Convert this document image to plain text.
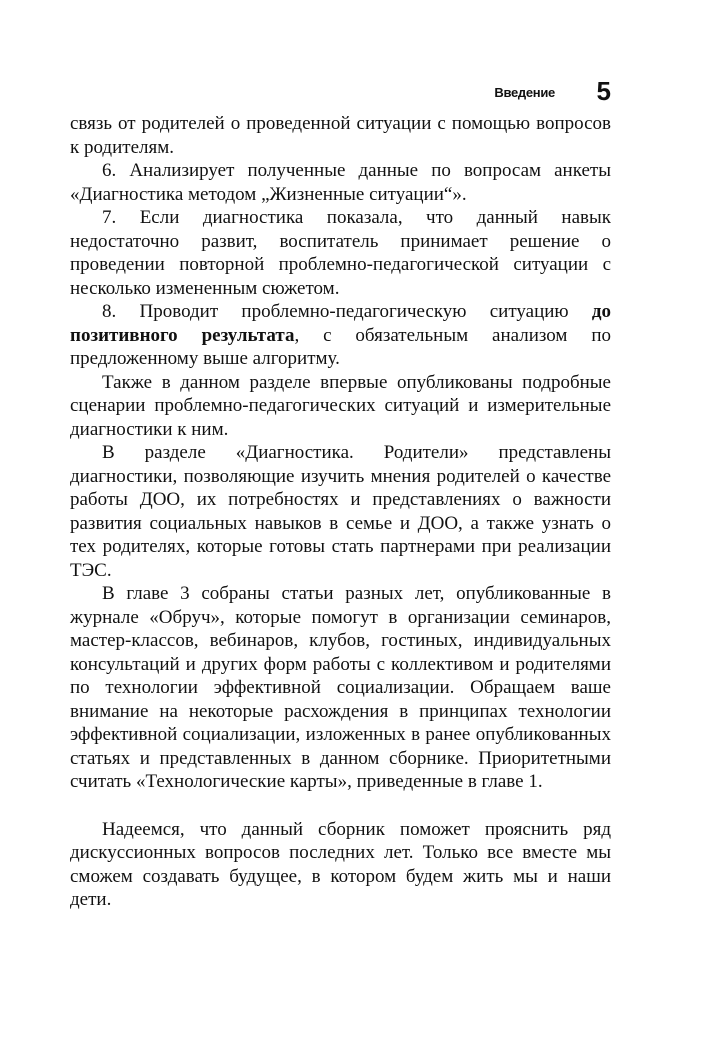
Введение 5

связь от родителей о проведенной ситуации с помощью вопросов к родителям.

6. Анализирует полученные данные по вопросам анкеты «Диагностика методом „Жизненные ситуации“».

7. Если диагностика показала, что данный навык недостаточно развит, воспитатель принимает решение о проведении повторной проблемно-педагогической ситуации с несколько измененным сюжетом.

8. Проводит проблемно-педагогическую ситуацию до позитивного результата, с обязательным анализом по предложенному выше алгоритму.

Также в данном разделе впервые опубликованы подробные сценарии проблемно-педагогических ситуаций и измерительные диагностики к ним.

В разделе «Диагностика. Родители» представлены диагностики, позволяющие изучить мнения родителей о качестве работы ДОО, их потребностях и представлениях о важности развития социальных навыков в семье и ДОО, а также узнать о тех родителях, которые готовы стать партнерами при реализации ТЭС.

В главе 3 собраны статьи разных лет, опубликованные в журнале «Обруч», которые помогут в организации семинаров, мастер-классов, вебинаров, клубов, гостиных, индивидуальных консультаций и других форм работы с коллективом и родителями по технологии эффективной социализации. Обращаем ваше внимание на некоторые расхождения в принципах технологии эффективной социализации, изложенных в ранее опубликованных статьях и представленных в данном сборнике. Приоритетными считать «Технологические карты», приведенные в главе 1.

Надеемся, что данный сборник поможет прояснить ряд дискуссионных вопросов последних лет. Только все вместе мы сможем создавать будущее, в котором будем жить мы и наши дети.
